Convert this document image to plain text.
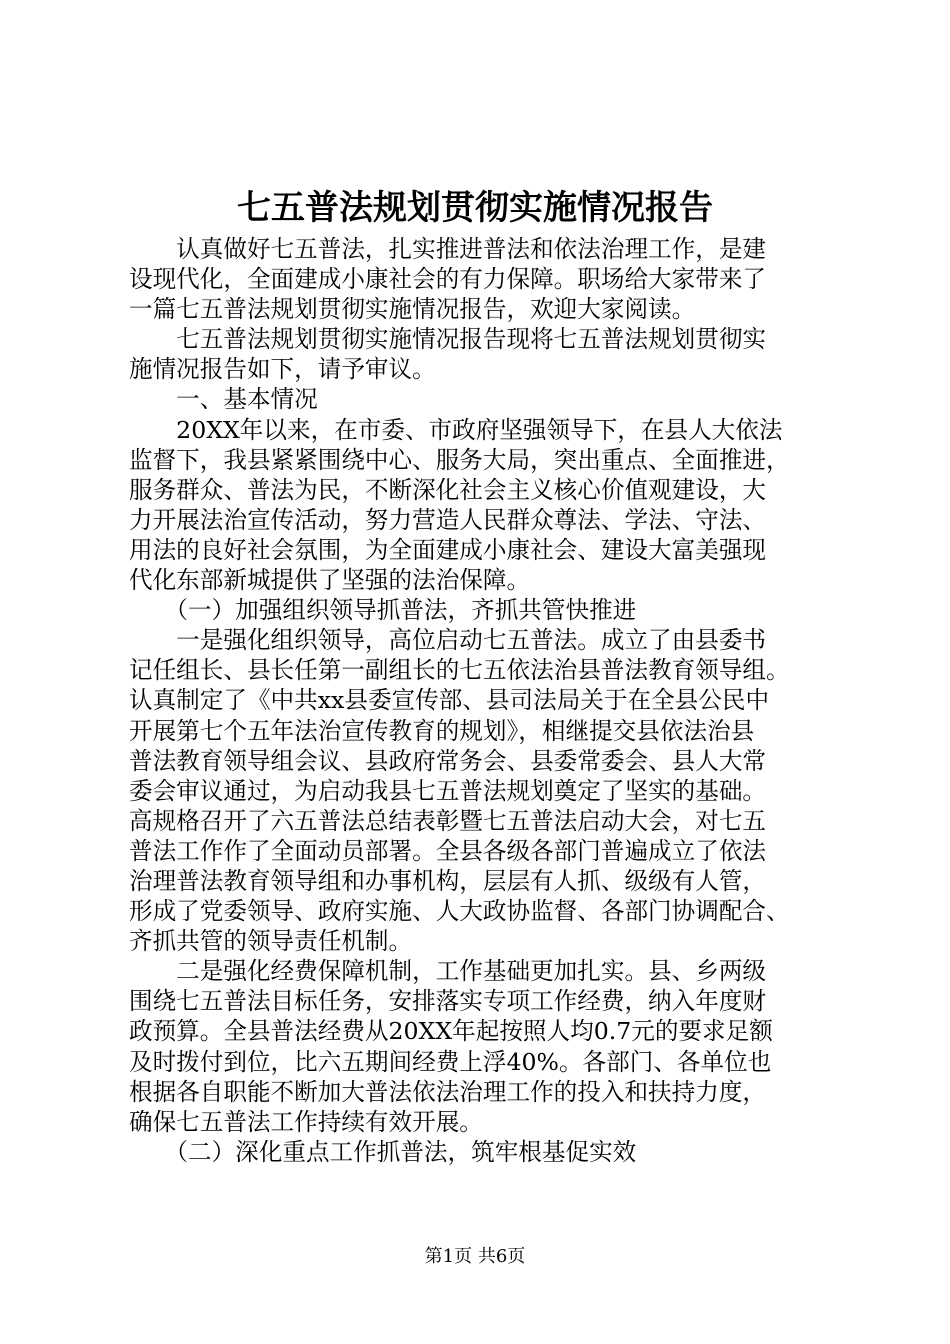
七五普法规划贯彻实施情况报告
　　认真做好七五普法，扎实推进普法和依法治理工作，是建
设现代化，全面建成小康社会的有力保障。职场给大家带来了
一篇七五普法规划贯彻实施情况报告，欢迎大家阅读。
　　七五普法规划贯彻实施情况报告现将七五普法规划贯彻实
施情况报告如下，请予审议。
　　一、基本情况
　　20XX年以来，在市委、市政府坚强领导下，在县人大依法
监督下，我县紧紧围绕中心、服务大局，突出重点、全面推进，
服务群众、普法为民，不断深化社会主义核心价值观建设，大
力开展法治宣传活动，努力营造人民群众尊法、学法、守法、
用法的良好社会氛围，为全面建成小康社会、建设大富美强现
代化东部新城提供了坚强的法治保障。
　　（一）加强组织领导抓普法，齐抓共管快推进
　　一是强化组织领导，高位启动七五普法。成立了由县委书
记任组长、县长任第一副组长的七五依法治县普法教育领导组。
认真制定了《中共xx县委宣传部、县司法局关于在全县公民中
开展第七个五年法治宣传教育的规划》，相继提交县依法治县
普法教育领导组会议、县政府常务会、县委常委会、县人大常
委会审议通过，为启动我县七五普法规划奠定了坚实的基础。
高规格召开了六五普法总结表彰暨七五普法启动大会，对七五
普法工作作了全面动员部署。全县各级各部门普遍成立了依法
治理普法教育领导组和办事机构，层层有人抓、级级有人管，
形成了党委领导、政府实施、人大政协监督、各部门协调配合、
齐抓共管的领导责任机制。
　　二是强化经费保障机制，工作基础更加扎实。县、乡两级
围绕七五普法目标任务，安排落实专项工作经费，纳入年度财
政预算。全县普法经费从20XX年起按照人均0.7元的要求足额
及时拨付到位，比六五期间经费上浮40%。各部门、各单位也
根据各自职能不断加大普法依法治理工作的投入和扶持力度，
确保七五普法工作持续有效开展。
　　（二）深化重点工作抓普法，筑牢根基促实效
第1页 共6页
